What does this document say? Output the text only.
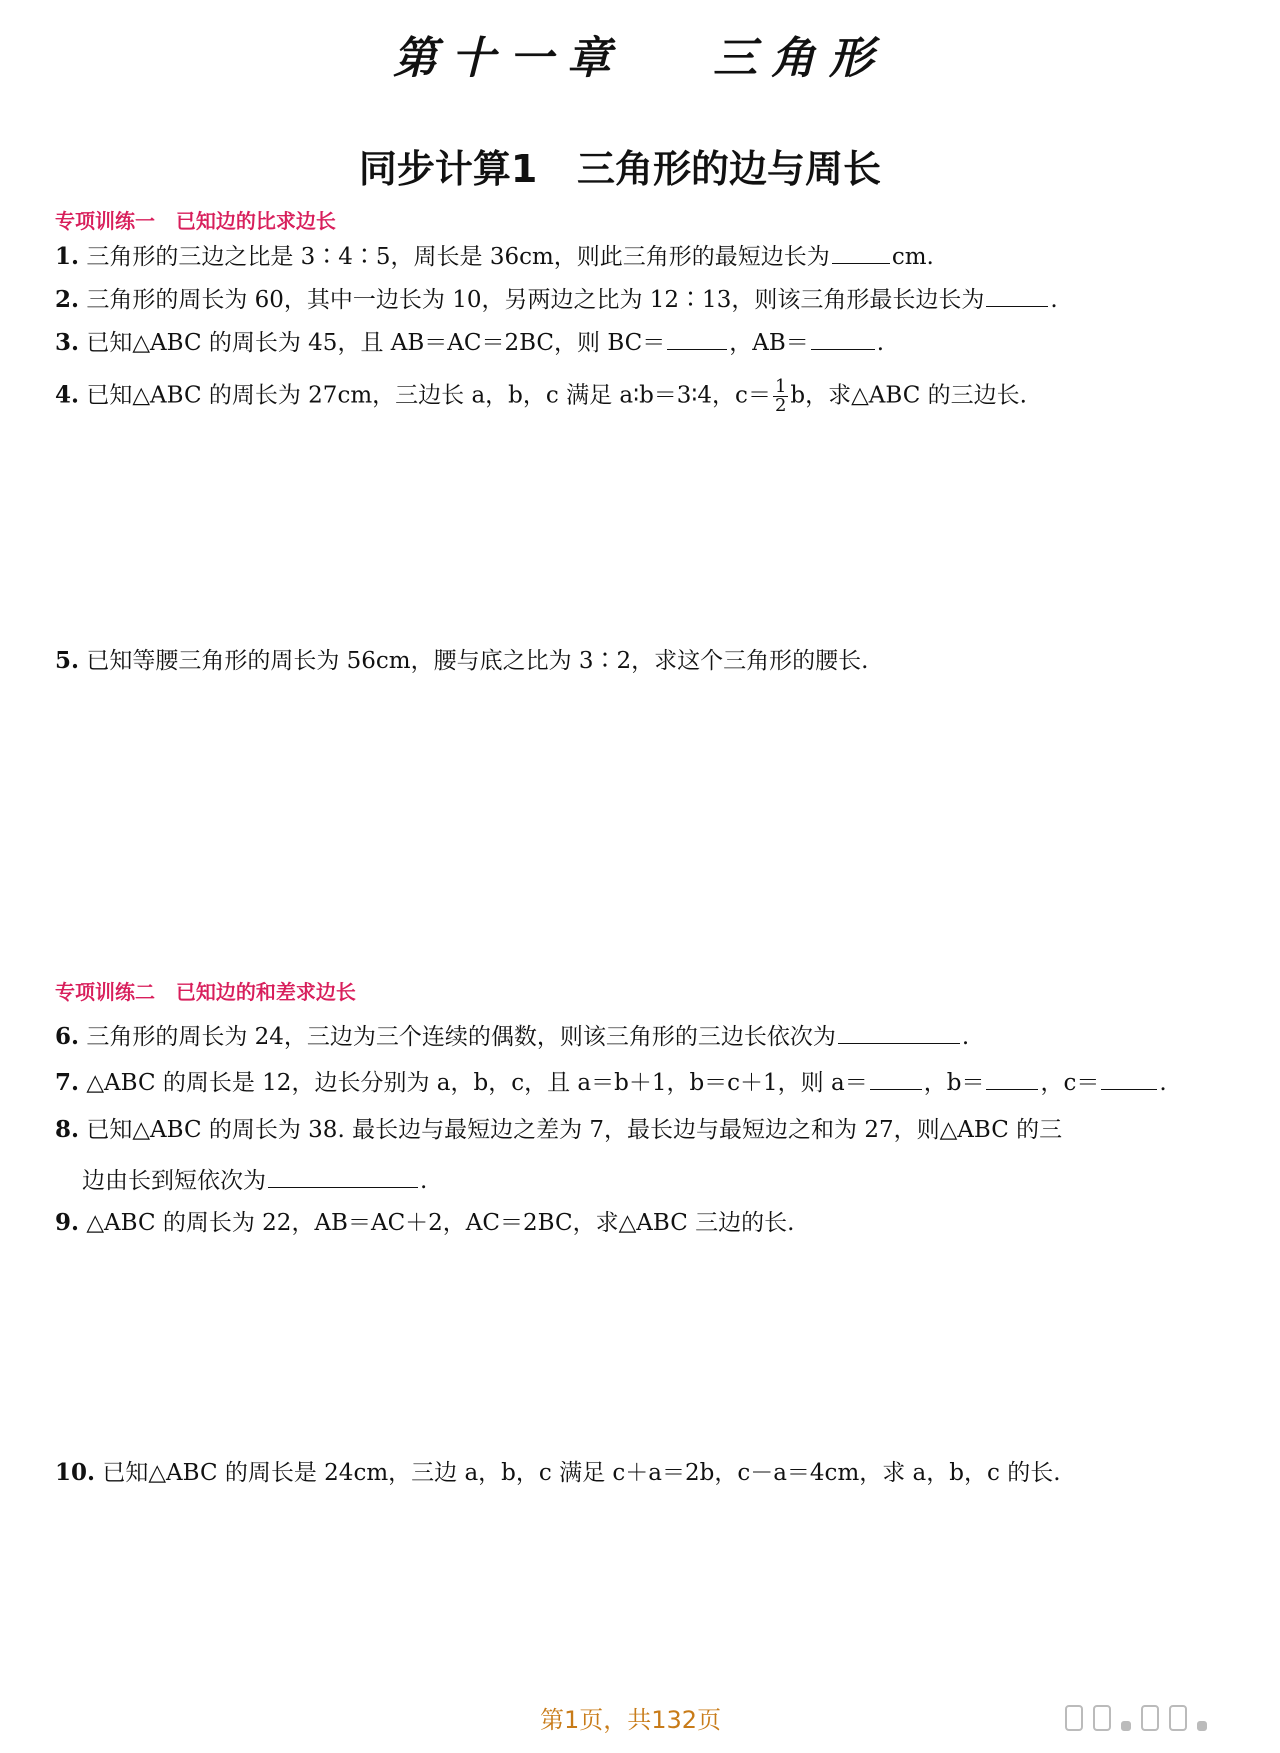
第十一章   三角形
同步计算1   三角形的边与周长
专项训练一   已知边的比求边长
1. 三角形的三边之比是 3∶4∶5，周长是 36cm，则此三角形的最短边长为	cm.
2. 三角形的周长为 60，其中一边长为 10，另两边之比为 12∶13，则该三角形最长边长为	.
3. 已知△ABC 的周长为 45，且 AB＝AC＝2BC，则 BC＝	，AB＝	.
4. 已知△ABC 的周长为 27cm，三边长 a，b，c 满足 a∶b＝3∶4，$c= \frac{1}{2}$ b，求△ABC 的三边长.
5. 已知等腰三角形的周长为 56cm，腰与底之比为 3∶2，求这个三角形的腰长.
专项训练二   已知边的和差求边长
6. 三角形的周长为 24，三边为三个连续的偶数，则该三角形的三边长依次为	.
7. △ABC 的周长是 12，边长分别为 a，b，c，且 a＝b＋1，b＝c＋1，则 a＝ ，b＝ ，c＝	.
8. 已知△ABC 的周长为 38. 最长边与最短边之差为 7，最长边与最短边之和为 27，则△ABC 的三
边由长到短依次为	.
9. △ABC 的周长为 22，AB＝AC＋2，AC＝2BC，求△ABC 三边的长.
10. 已知△ABC 的周长是 24cm，三边 a，b，c 满足 c＋a＝2b，c－a＝4cm，求 a，b，c 的长.
第1页，共132页
